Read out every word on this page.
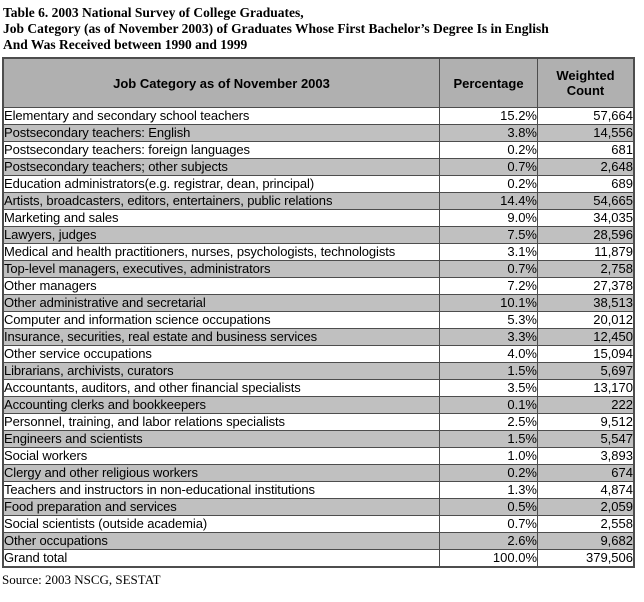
Table 6. 2003 National Survey of College Graduates,
Job Category (as of November 2003) of Graduates Whose First Bachelor’s Degree Is in English
And Was Received between 1990 and 1999
Job Category as of November 2003	Percentage	Weighted Count
Elementary and secondary school teachers	15.2%	57,664
Postsecondary teachers: English	3.8%	14,556
Postsecondary teachers: foreign languages	0.2%	681
Postsecondary teachers; other subjects	0.7%	2,648
Education administrators(e.g. registrar, dean, principal)	0.2%	689
Artists, broadcasters, editors, entertainers, public relations	14.4%	54,665
Marketing and sales	9.0%	34,035
Lawyers, judges	7.5%	28,596
Medical and health practitioners, nurses, psychologists, technologists	3.1%	11,879
Top-level managers, executives, administrators	0.7%	2,758
Other managers	7.2%	27,378
Other administrative and secretarial	10.1%	38,513
Computer and information science occupations	5.3%	20,012
Insurance, securities, real estate and business services	3.3%	12,450
Other service occupations	4.0%	15,094
Librarians, archivists, curators	1.5%	5,697
Accountants, auditors, and other financial specialists	3.5%	13,170
Accounting clerks and bookkeepers	0.1%	222
Personnel, training, and labor relations specialists	2.5%	9,512
Engineers and scientists	1.5%	5,547
Social workers	1.0%	3,893
Clergy and other religious workers	0.2%	674
Teachers and instructors in non-educational institutions	1.3%	4,874
Food preparation and services	0.5%	2,059
Social scientists (outside academia)	0.7%	2,558
Other occupations	2.6%	9,682
Grand total	100.0%	379,506
Source: 2003 NSCG, SESTAT
